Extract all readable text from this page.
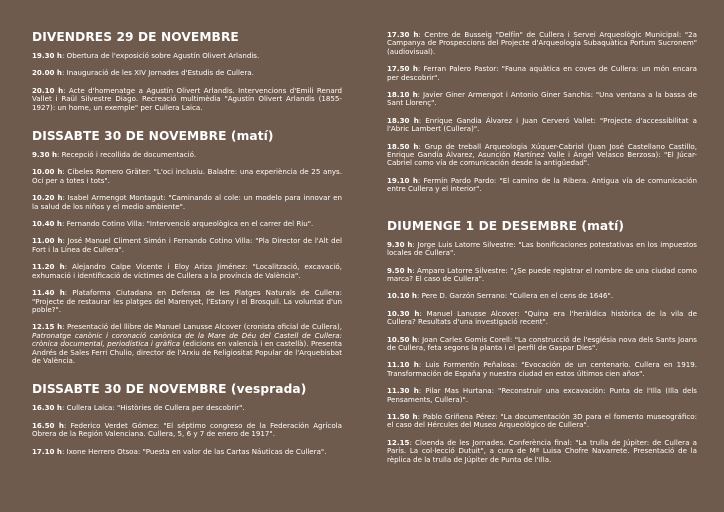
DIVENDRES 29 DE NOVEMBRE

19.30 h: Obertura de l'exposició sobre Agustín Olivert Arlandis.

20.00 h: Inauguració de les XIV Jornades d'Estudis de Cullera.

20.10 h: Acte d'homenatge a Agustín Olivert Arlandis. Intervencions d'Emili Renard Vallet i Raül Silvestre Diago. Recreació multimèdia "Agustín Olivert Arlandis (1855-1927): un home, un exemple" per Cullera Laica.

DISSABTE 30 DE NOVEMBRE (matí)

9.30 h: Recepció i recollida de documentació.

10.00 h: Cibeles Romero Gräter: "L'oci inclusiu. Baladre: una experiència de 25 anys. Oci per a totes i tots".

10.20 h: Isabel Armengot Montagut: "Caminando al cole: un modelo para innovar en la salud de los niños y el medio ambiente".

10.40 h: Fernando Cotino Villa: "Intervenció arqueològica en el carrer del Riu".

11.00 h: José Manuel Climent Simón i Fernando Cotino Villa: "Pla Director de l'Alt del Fort i la Línea de Cullera".

11.20 h: Alejandro Calpe Vicente i Eloy Ariza Jiménez: "Localització, excavació, exhumació i identificació de víctimes de Cullera a la província de València".

11.40 h: Plataforma Ciutadana en Defensa de les Platges Naturals de Cullera: "Projecte de restaurar les platges del Marenyet, l'Estany i el Brosquil. La voluntat d'un poble?".

12.15 h: Presentació del llibre de Manuel Lanusse Alcover (cronista oficial de Cullera), Patronatge canònic i coronació canònica de la Mare de Déu del Castell de Cullera: crònica documental, periodística i gràfica (edicions en valencià i en castellà). Presenta Andrés de Sales Ferri Chulio, director de l'Arxiu de Religiositat Popular de l'Arquebisbat de València.

DISSABTE 30 DE NOVEMBRE (vesprada)

16.30 h: Cullera Laica: "Històries de Cullera per descobrir".

16.50 h: Federico Verdet Gómez: "El séptimo congreso de la Federación Agrícola Obrera de la Región Valenciana. Cullera, 5, 6 y 7 de enero de 1917".

17.10 h: Ixone Herrero Otsoa: "Puesta en valor de las Cartas Náuticas de Cullera".

17.30 h: Centre de Busseig "Delfín" de Cullera i Servei Arqueològic Municipal: "2a Campanya de Prospeccions del Projecte d'Arqueologia Subaquàtica Portum Sucronem" (audiovisual).

17.50 h: Ferran Palero Pastor: "Fauna aquàtica en coves de Cullera: un món encara per descobrir".

18.10 h: Javier Giner Armengot i Antonio Giner Sanchis: "Una ventana a la bassa de Sant Llorenç".

18.30 h: Enrique Gandia Álvarez i Juan Cerveró Vallet: "Projecte d'accessibilitat a l'Abric Lambert (Cullera)".

18.50 h: Grup de treball Arqueologia Xúquer-Cabriol (Juan José Castellano Castillo, Enrique Gandia Álvarez, Asunción Martínez Valle i Ángel Velasco Berzosa): "El Júcar-Cabriel como vía de comunicación desde la antigüedad".

19.10 h: Fermín Pardo Pardo: "El camino de la Ribera. Antigua vía de comunicación entre Cullera y el interior".

DIUMENGE 1 DE DESEMBRE (matí)

9.30 h: Jorge Luis Latorre Silvestre: "Las bonificaciones potestativas en los impuestos locales de Cullera".

9.50 h: Amparo Latorre Silvestre: "¿Se puede registrar el nombre de una ciudad como marca? El caso de Cullera".

10.10 h: Pere D. Garzón Serrano: "Cullera en el cens de 1646".

10.30 h: Manuel Lanusse Alcover: "Quina era l'heràldica històrica de la vila de Cullera? Resultats d'una investigació recent".

10.50 h: Joan Carles Gomis Corell: "La construcció de l'església nova dels Sants Joans de Cullera, feta segons la planta i el perfil de Gaspar Dies".

11.10 h: Luis Formentín Peñalosa: "Evocación de un centenario. Cullera en 1919. Transformación de España y nuestra ciudad en estos últimos cien años".

11.30 h: Pilar Mas Hurtana: "Reconstruir una excavación: Punta de l'Illa (Illa dels Pensaments, Cullera)".

11.50 h: Pablo Griñena Pérez: "La documentación 3D para el fomento museográfico: el caso del Hércules del Museo Arqueológico de Cullera".

12.15: Cloenda de les Jornades. Conferència final: "La trulla de Júpiter: de Cullera a París. La col·lecció Dutuit", a cura de Mª Luisa Chofre Navarrete. Presentació de la rèplica de la trulla de Júpiter de Punta de l'Illa.
